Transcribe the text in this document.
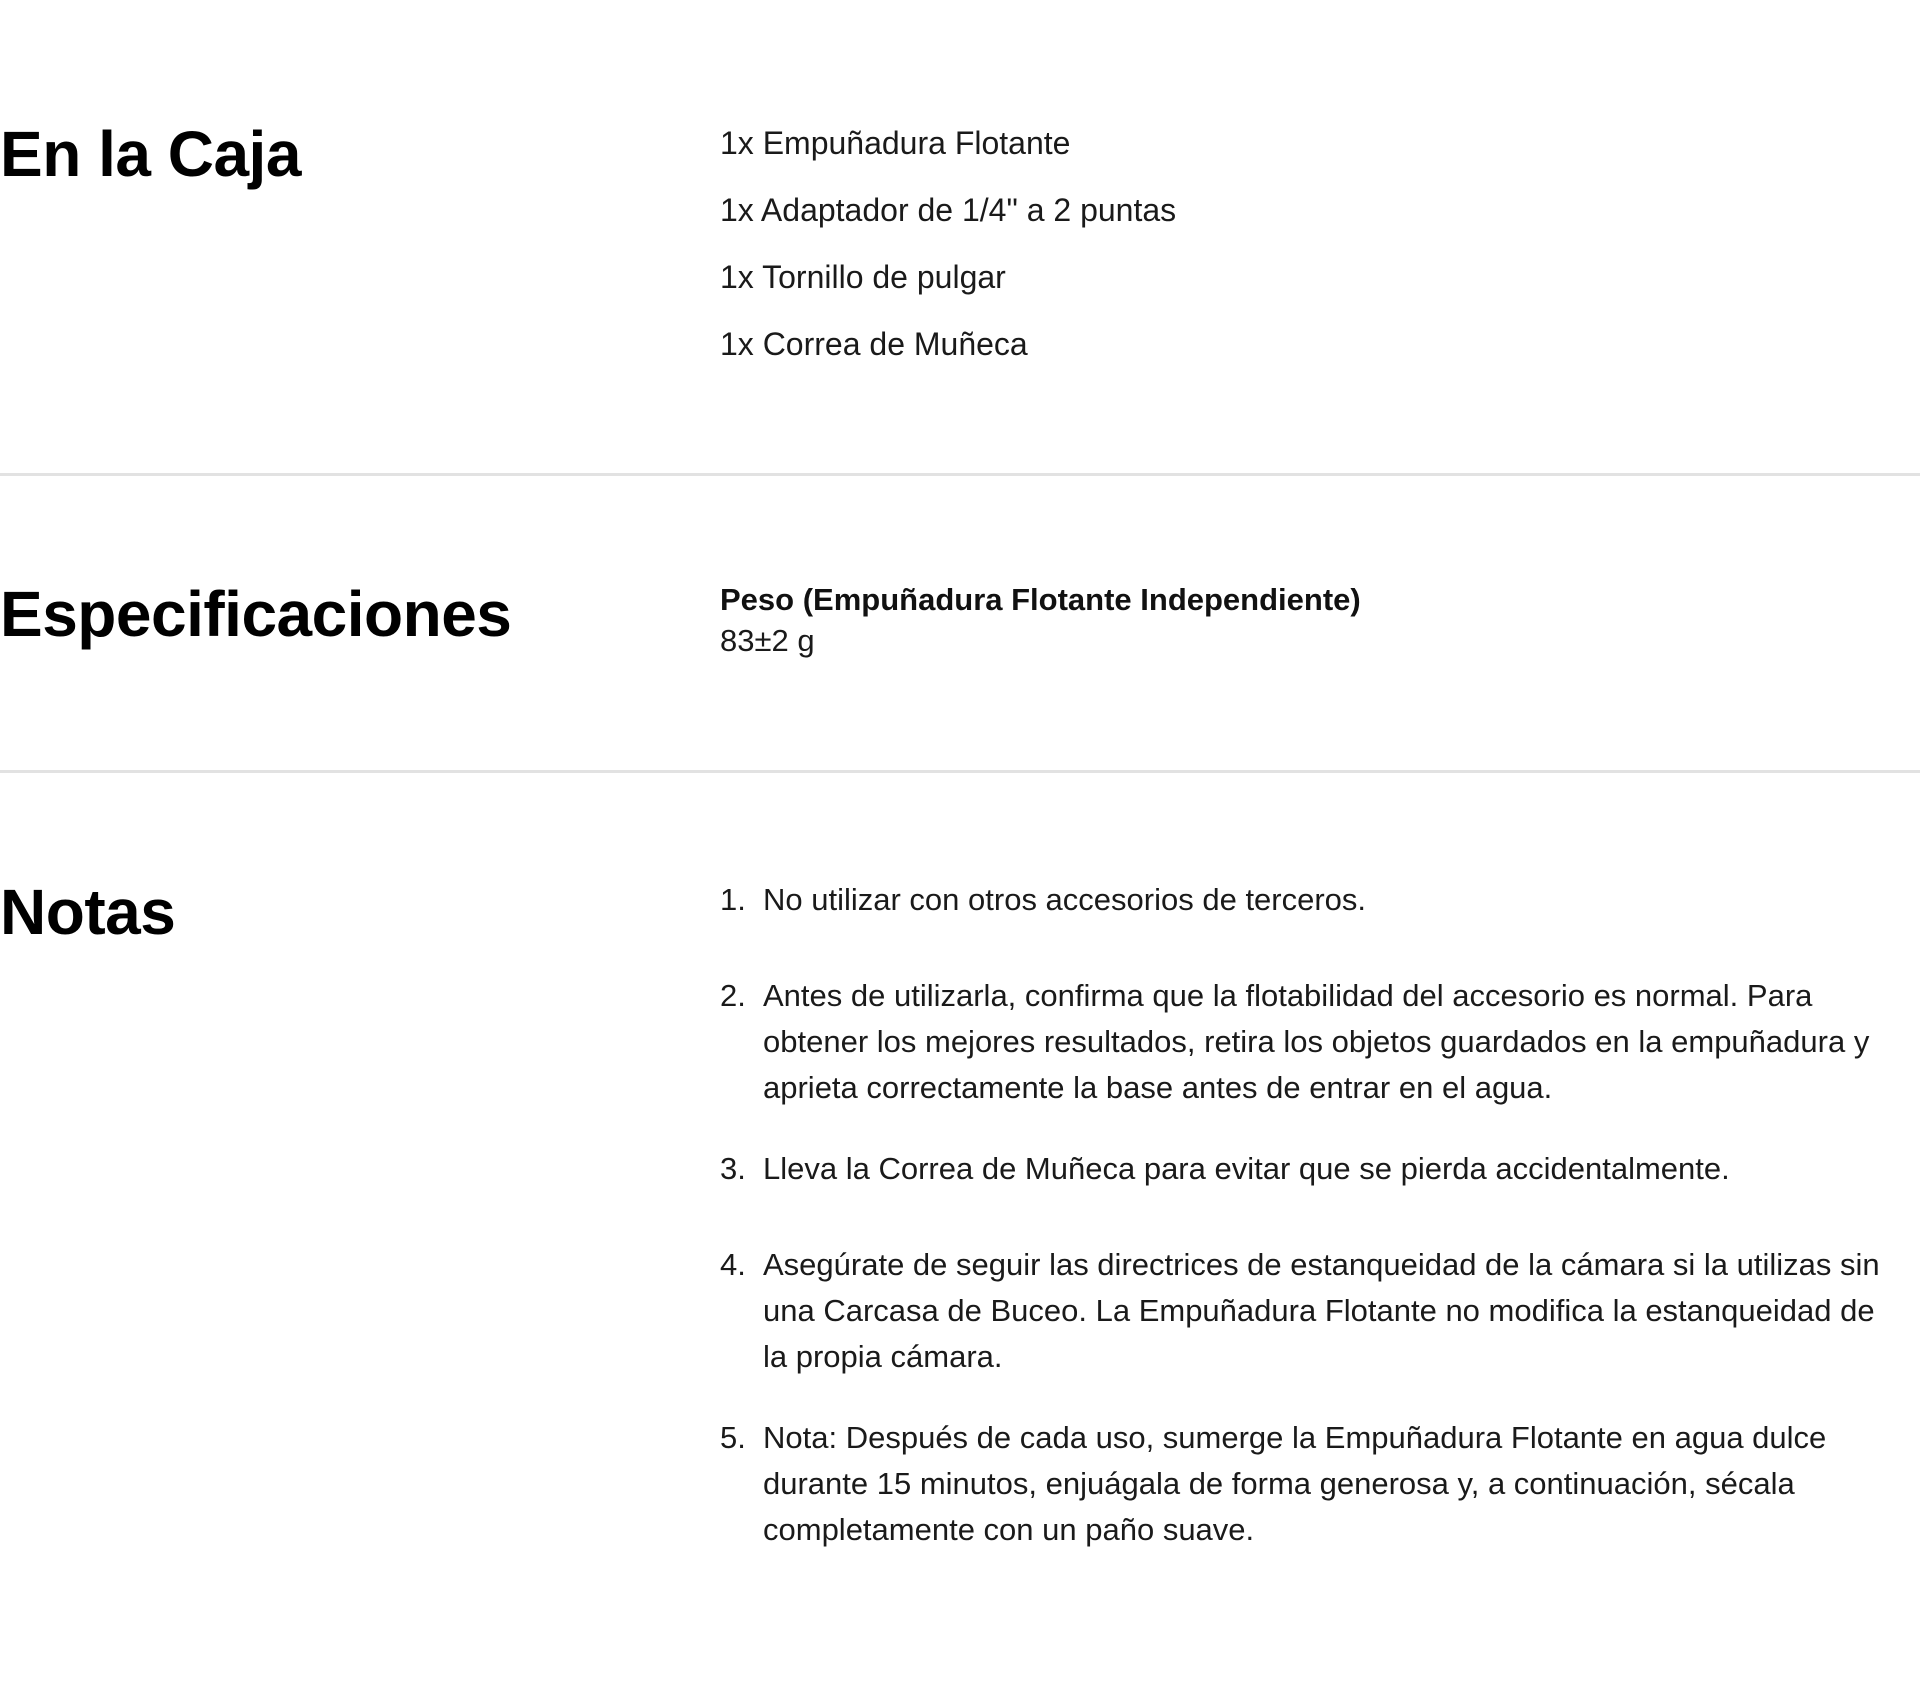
En la Caja	1x Empuñadura Flotante
1x Adaptador de 1/4" a 2 puntas
1x Tornillo de pulgar
1x Correa de Muñeca
Especificaciones	Peso (Empuñadura Flotante Independiente)
83±2 g
Notas	1. No utilizar con otros accesorios de terceros.
2. Antes de utilizarla, confirma que la flotabilidad del accesorio es normal. Para obtener los mejores resultados, retira los objetos guardados en la empuñadura y aprieta correctamente la base antes de entrar en el agua.
3. Lleva la Correa de Muñeca para evitar que se pierda accidentalmente.
4. Asegúrate de seguir las directrices de estanqueidad de la cámara si la utilizas sin una Carcasa de Buceo. La Empuñadura Flotante no modifica la estanqueidad de la propia cámara.
5. Nota: Después de cada uso, sumerge la Empuñadura Flotante en agua dulce durante 15 minutos, enjuágala de forma generosa y, a continuación, sécala completamente con un paño suave.
